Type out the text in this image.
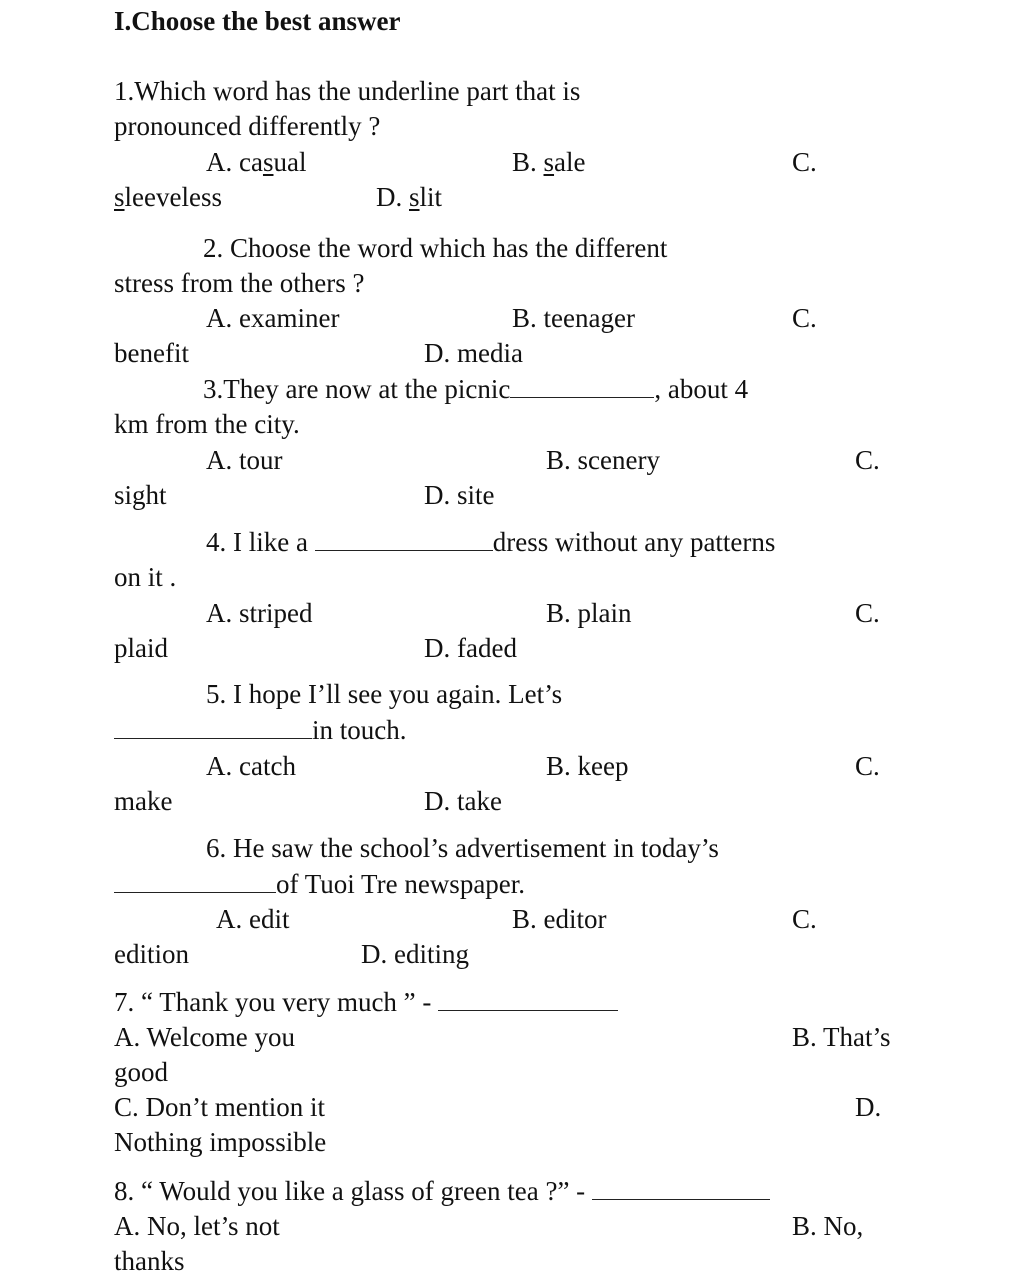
I.Choose the best answer
1.Which word has the underline part that is
pronounced differently ?
A. casual	B. sale	C.
sleeveless	D. slit
2. Choose the word which has the different
stress from the others ?
A. examiner	B. teenager	C.
benefit	D. media
3.They are now at the picnic	, about 4
km from the city.
A. tour	B. scenery	C.
sight	D. site
4. I like a	dress without any patterns
on it .
A. striped	B. plain	C.
plaid	D. faded
5. I hope I’ll see you again. Let’s
in touch.
A. catch	B. keep	C.
make	D. take
6. He saw the school’s advertisement in today’s
of Tuoi Tre newspaper.
A. edit	B. editor	C.
edition	D. editing
7. “ Thank you very much ” -
A. Welcome you	B. That’s
good
C. Don’t mention it	D.
Nothing impossible
8. “ Would you like a glass of green tea ?” -
A. No, let’s not	B. No,
thanks
